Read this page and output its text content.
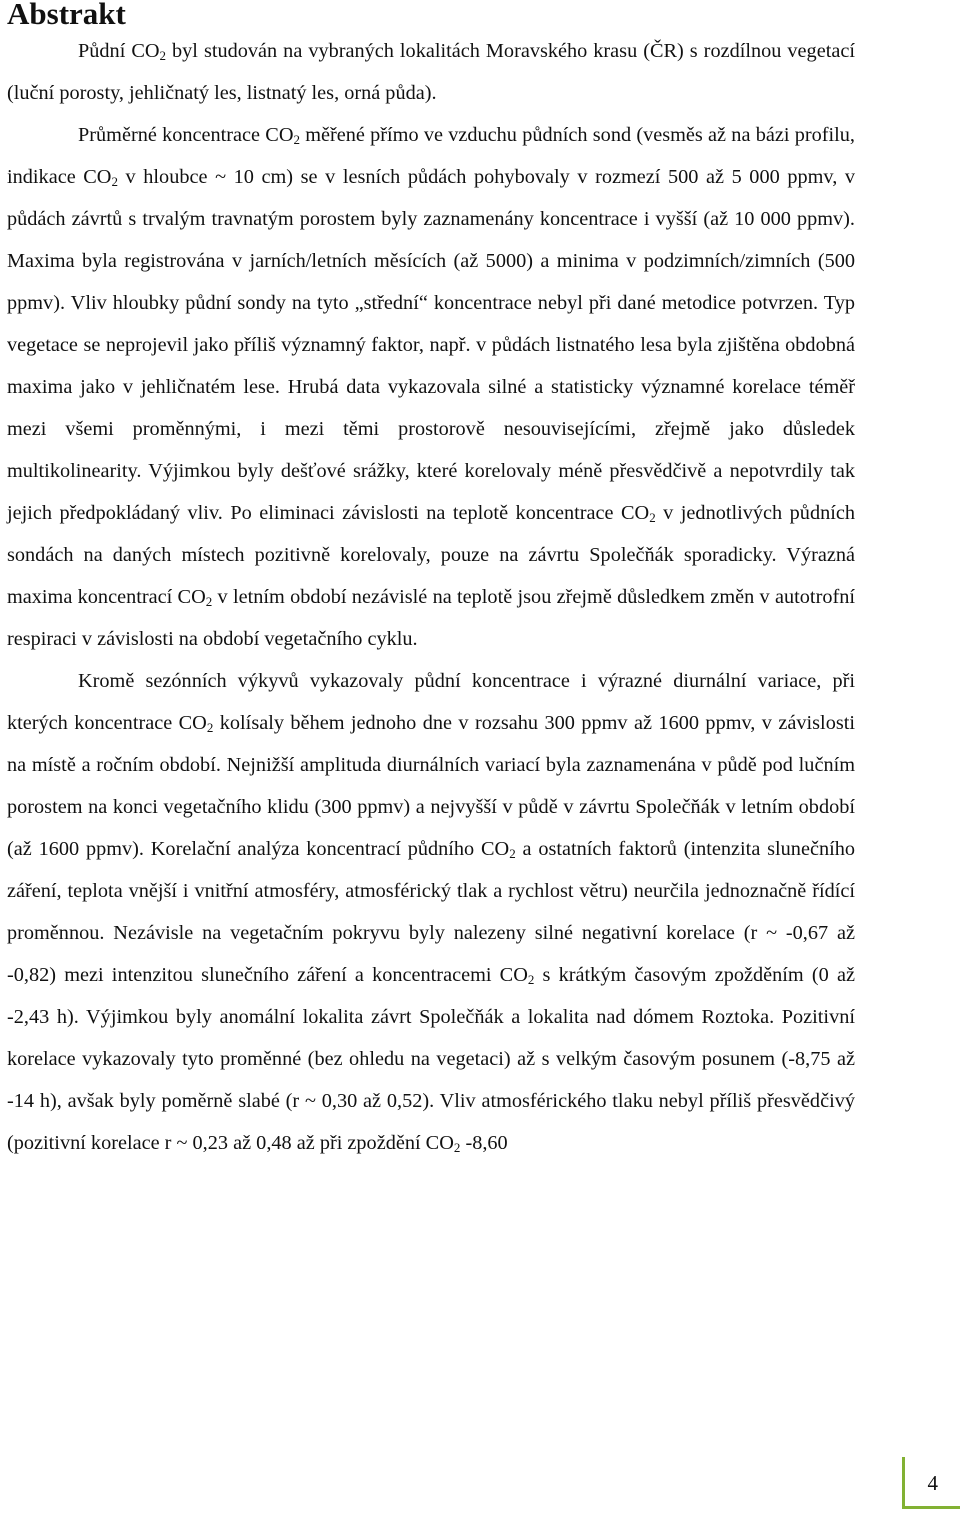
Abstrakt

Půdní $CO_2$ byl studován na vybraných lokalitách Moravského krasu (ČR) s rozdílnou vegetací (luční porosty, jehličnatý les, listnatý les, orná půda).

Průměrné koncentrace $CO_2$ měřené přímo ve vzduchu půdních sond (vesměs až na bázi profilu, indikace $CO_2$ v hloubce ~ 10 cm) se v lesních půdách pohybovaly v rozmezí 500 až 5 000 ppmv, v půdách závrtů s trvalým travnatým porostem byly zaznamenány koncentrace i vyšší (až 10 000 ppmv). Maxima byla registrována v jarních/letních měsících (až 5000) a minima v podzimních/zimních (500 ppmv). Vliv hloubky půdní sondy na tyto „střední“ koncentrace nebyl při dané metodice potvrzen. Typ vegetace se neprojevil jako příliš významný faktor, např. v půdách listnatého lesa byla zjištěna obdobná maxima jako v jehličnatém lese. Hrubá data vykazovala silné a statisticky významné korelace téměř mezi všemi proměnnými, i mezi těmi prostorově nesouvisejícími, zřejmě jako důsledek multikolinearity. Výjimkou byly dešťové srážky, které korelovaly méně přesvědčivě a nepotvrdily tak jejich předpokládaný vliv. Po eliminaci závislosti na teplotě koncentrace $CO_2$ v jednotlivých půdních sondách na daných místech pozitivně korelovaly, pouze na závrtu Společňák sporadicky. Výrazná maxima koncentrací $CO_2$ v letním období nezávislé na teplotě jsou zřejmě důsledkem změn v autotrofní respiraci v závislosti na období vegetačního cyklu.

Kromě sezónních výkyvů vykazovaly půdní koncentrace i výrazné diurnální variace, při kterých koncentrace $CO_2$ kolísaly během jednoho dne v rozsahu 300 ppmv až 1600 ppmv, v závislosti na místě a ročním období. Nejnižší amplituda diurnálních variací byla zaznamenána v půdě pod lučním porostem na konci vegetačního klidu (300 ppmv) a nejvyšší v půdě v závrtu Společňák v letním období (až 1600 ppmv). Korelační analýza koncentrací půdního $CO_2$ a ostatních faktorů (intenzita slunečního záření, teplota vnější i vnitřní atmosféry, atmosférický tlak a rychlost větru) neurčila jednoznačně řídící proměnnou. Nezávisle na vegetačním pokryvu byly nalezeny silné negativní korelace (r ~ -0,67 až -0,82) mezi intenzitou slunečního záření a koncentracemi $CO_2$ s krátkým časovým zpožděním (0 až -2,43 h). Výjimkou byly anomální lokalita závrt Společňák a lokalita nad dómem Roztoka. Pozitivní korelace vykazovaly tyto proměnné (bez ohledu na vegetaci) až s velkým časovým posunem (-8,75 až -14 h), avšak byly poměrně slabé (r ~ 0,30 až 0,52). Vliv atmosférického tlaku nebyl příliš přesvědčivý (pozitivní korelace r ~ 0,23 až 0,48 až při zpoždění $CO_2$ -8,60

4
